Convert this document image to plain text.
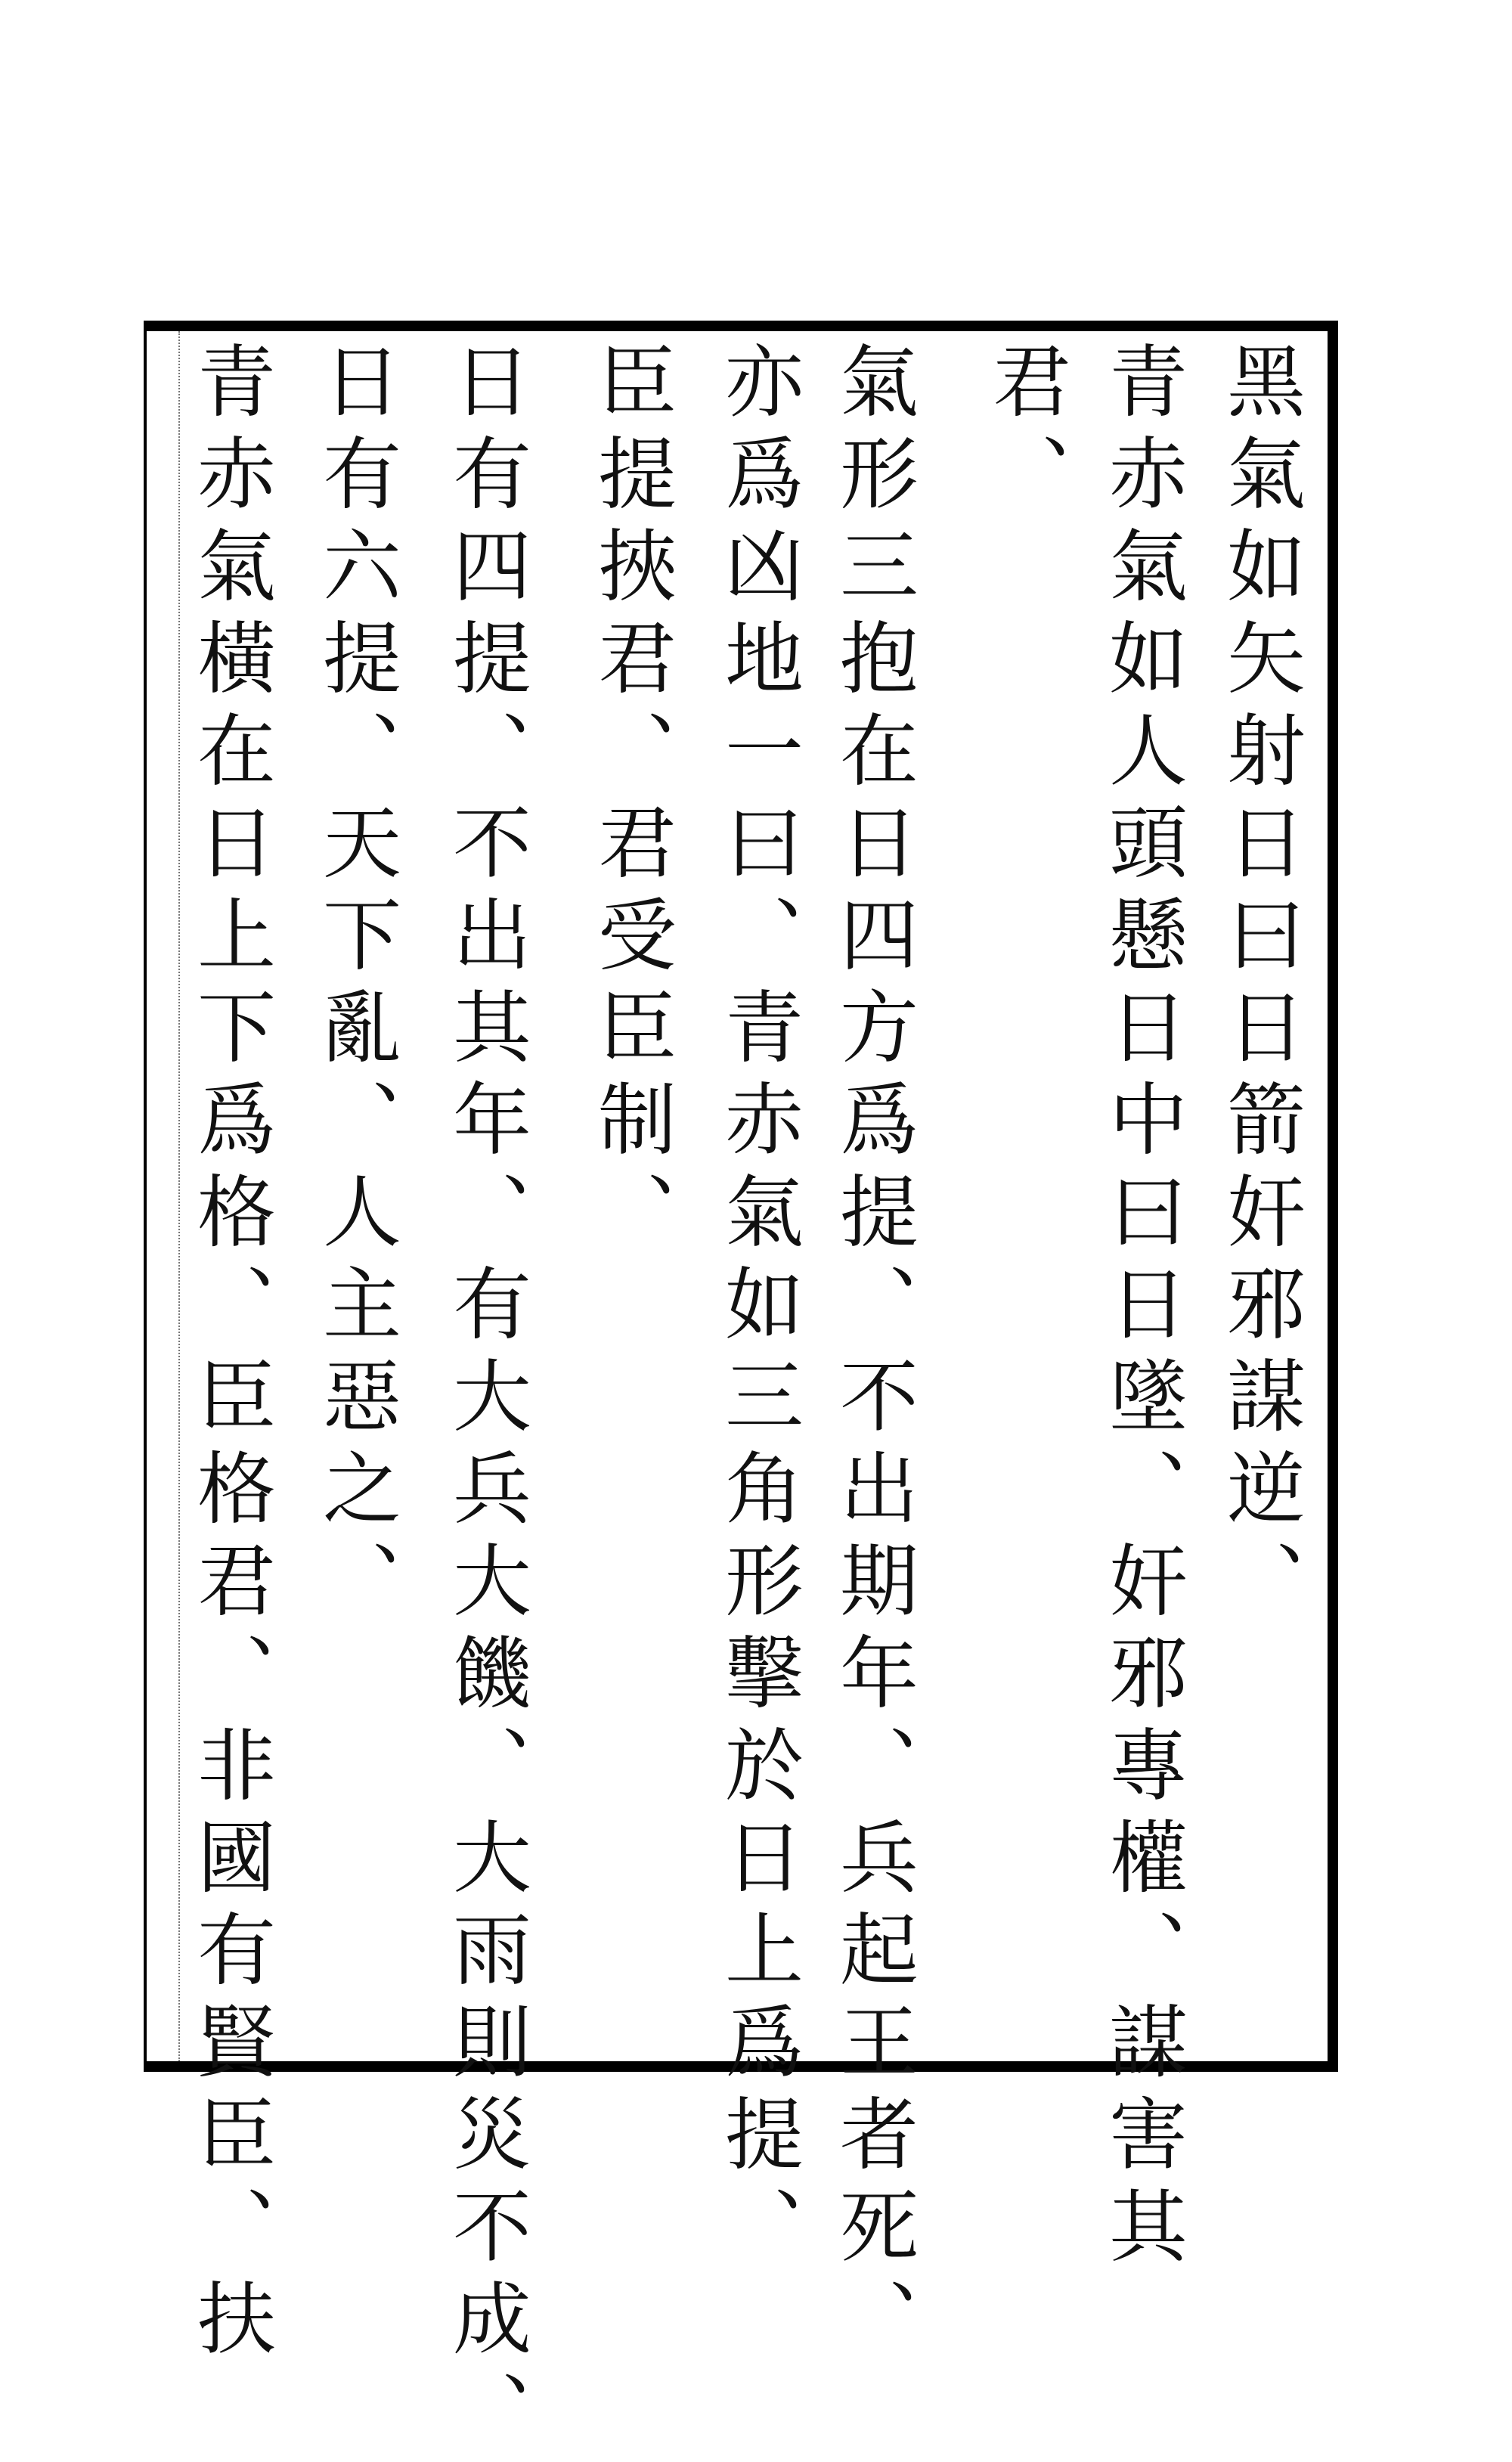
黑氣如矢射日曰日箭奸邪謀逆、
青赤氣如人頭懸日中曰日墜、奸邪專權、謀害其
君、
氣形三抱在日四方爲提、不出期年、兵起王者死、
亦爲凶地一曰、青赤氣如三角形擊於日上爲提、
臣提挾君、君受臣制、
日有四提、不出其年、有大兵大饑、大雨則災不成、
日有六提、天下亂、人主惡之、
青赤氣橫在日上下爲格、臣格君、非國有賢臣、扶
